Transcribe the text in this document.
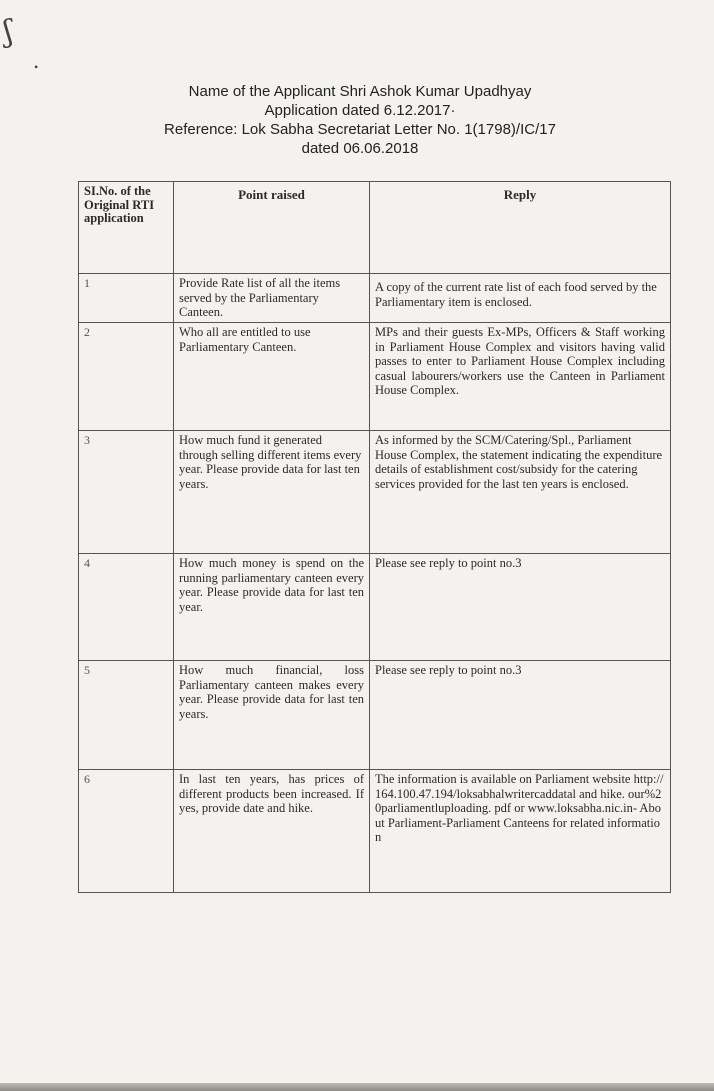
ʃ
•
Name of the Applicant Shri Ashok Kumar Upadhyay
Application dated 6.12.2017·
Reference: Lok Sabha Secretariat Letter No. 1(1798)/IC/17
dated 06.06.2018
SI.No. of the Original RTI application	Point raised	Reply
1	Provide Rate list of all the items served by the Parliamentary Canteen.	A copy of the current rate list of each food served by the Parliamentary item is enclosed.
2	Who all are entitled to use Parliamentary Canteen.	MPs and their guests Ex-MPs, Officers & Staff working in Parliament House Complex and visitors having valid passes to enter to Parliament House Complex including casual labourers/workers use the Canteen in Parliament House Complex.
3	How much fund it generated through selling different items every year. Please provide data for last ten years.	As informed by the SCM/Catering/Spl., Parliament House Complex, the statement indicating the expenditure details of establishment cost/subsidy for the catering services provided for the last ten years is enclosed.
4	How much money is spend on the running parliamentary canteen every year. Please provide data for last ten year.	Please see reply to point no.3
5	How much financial, loss Parliamentary canteen makes every year. Please provide data for last ten years.	Please see reply to point no.3
6	In last ten years, has prices of different products been increased. If yes, provide date and hike.	The information is available on Parliament website http://164.100.47.194/loksabhalwritercaddatal and hike. our%20parliamentluploading. pdf or www.loksabha.nic.in- About Parliament-Parliament Canteens for related information
